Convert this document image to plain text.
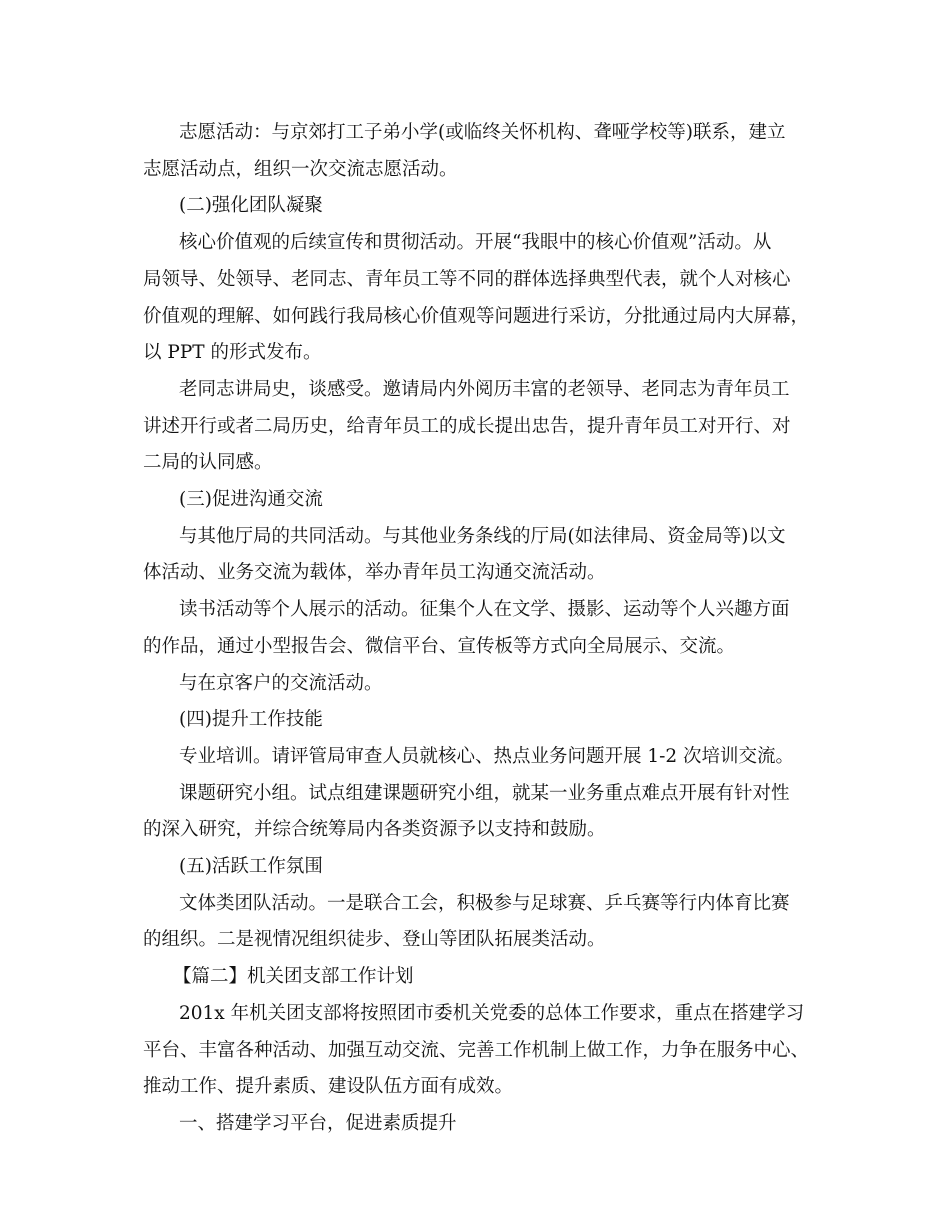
志愿活动：与京郊打工子弟小学(或临终关怀机构、聋哑学校等)联系，建立
志愿活动点，组织一次交流志愿活动。
(二)强化团队凝聚
核心价值观的后续宣传和贯彻活动。开展“我眼中的核心价值观”活动。从
局领导、处领导、老同志、青年员工等不同的群体选择典型代表，就个人对核心
价值观的理解、如何践行我局核心价值观等问题进行采访，分批通过局内大屏幕，
以 PPT 的形式发布。
老同志讲局史，谈感受。邀请局内外阅历丰富的老领导、老同志为青年员工
讲述开行或者二局历史，给青年员工的成长提出忠告，提升青年员工对开行、对
二局的认同感。
(三)促进沟通交流
与其他厅局的共同活动。与其他业务条线的厅局(如法律局、资金局等)以文
体活动、业务交流为载体，举办青年员工沟通交流活动。
读书活动等个人展示的活动。征集个人在文学、摄影、运动等个人兴趣方面
的作品，通过小型报告会、微信平台、宣传板等方式向全局展示、交流。
与在京客户的交流活动。
(四)提升工作技能
专业培训。请评管局审查人员就核心、热点业务问题开展 1-2 次培训交流。
课题研究小组。试点组建课题研究小组，就某一业务重点难点开展有针对性
的深入研究，并综合统筹局内各类资源予以支持和鼓励。
(五)活跃工作氛围
文体类团队活动。一是联合工会，积极参与足球赛、乒乓赛等行内体育比赛
的组织。二是视情况组织徒步、登山等团队拓展类活动。
【篇二】机关团支部工作计划
201x 年机关团支部将按照团市委机关党委的总体工作要求，重点在搭建学习
平台、丰富各种活动、加强互动交流、完善工作机制上做工作，力争在服务中心、
推动工作、提升素质、建设队伍方面有成效。
一、搭建学习平台，促进素质提升
